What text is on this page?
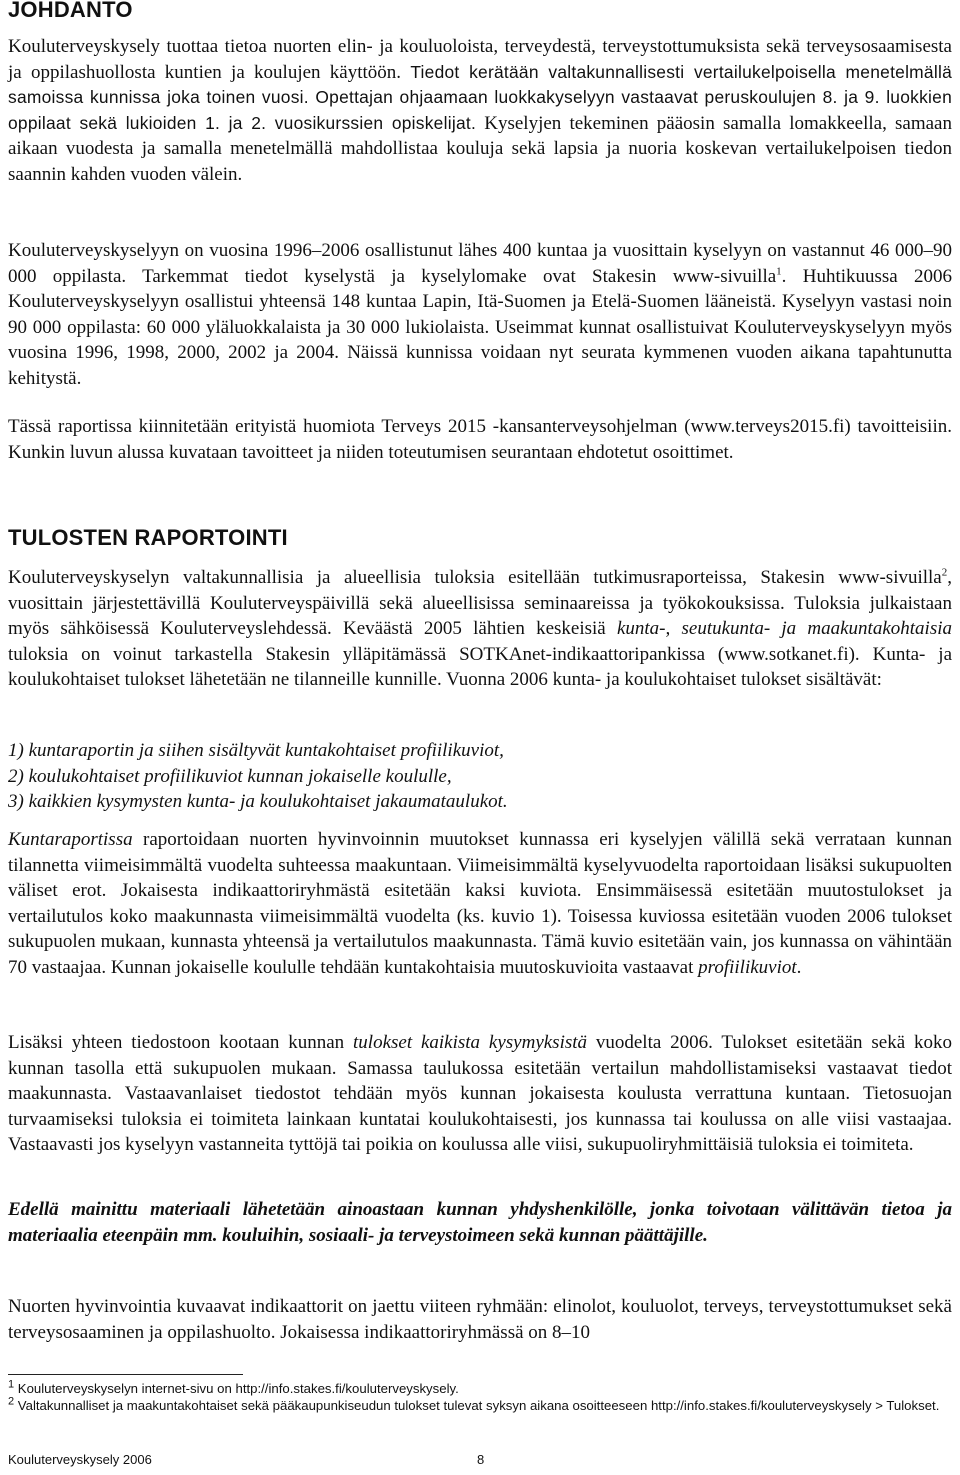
JOHDANTO

Kouluterveyskysely tuottaa tietoa nuorten elin- ja kouluoloista, terveydestä, terveystottumuksista sekä terveysosaamisesta ja oppilashuollosta kuntien ja koulujen käyttöön. Tiedot kerätään valtakunnallisesti vertailukelpoisella menetelmällä samoissa kunnissa joka toinen vuosi. Opettajan ohjaamaan luokkakyselyyn vastaavat peruskoulujen 8. ja 9. luokkien oppilaat sekä lukioiden 1. ja 2. vuosikurssien opiskelijat. Kyselyjen tekeminen pääosin samalla lomakkeella, samaan aikaan vuodesta ja samalla menetelmällä mahdollistaa kouluja sekä lapsia ja nuoria koskevan vertailukelpoisen tiedon saannin kahden vuoden välein.

Kouluterveyskyselyyn on vuosina 1996–2006 osallistunut lähes 400 kuntaa ja vuosittain kyselyyn on vastannut 46 000–90 000 oppilasta. Tarkemmat tiedot kyselystä ja kyselylomake ovat Stakesin www-sivuilla$^1$. Huhtikuussa 2006 Kouluterveyskyselyyn osallistui yhteensä 148 kuntaa Lapin, Itä-Suomen ja Etelä-Suomen lääneistä. Kyselyyn vastasi noin 90 000 oppilasta: 60 000 yläluokkalaista ja 30 000 lukiolaista. Useimmat kunnat osallistuivat Kouluterveyskyselyyn myös vuosina 1996, 1998, 2000, 2002 ja 2004. Näissä kunnissa voidaan nyt seurata kymmenen vuoden aikana tapahtunutta kehitystä.

Tässä raportissa kiinnitetään erityistä huomiota Terveys 2015 -kansanterveysohjelman (www.terveys2015.fi) tavoitteisiin. Kunkin luvun alussa kuvataan tavoitteet ja niiden toteutumisen seurantaan ehdotetut osoittimet.

TULOSTEN RAPORTOINTI

Kouluterveyskyselyn valtakunnallisia ja alueellisia tuloksia esitellään tutkimusraporteissa, Stakesin www-sivuilla$^2$, vuosittain järjestettävillä Kouluterveyspäivillä sekä alueellisissa seminaareissa ja työkokouksissa. Tuloksia julkaistaan myös sähköisessä Kouluterveyslehdessä. Keväästä 2005 lähtien keskeisiä kunta-, seutukunta- ja maakuntakohtaisia tuloksia on voinut tarkastella Stakesin ylläpitämässä SOTKAnet-indikaattoripankissa (www.sotkanet.fi). Kunta- ja koulukohtaiset tulokset lähetetään ne tilanneille kunnille. Vuonna 2006 kunta- ja koulukohtaiset tulokset sisältävät:

1) kuntaraportin ja siihen sisältyvät kuntakohtaiset profiilikuviot,

2) koulukohtaiset profiilikuviot kunnan jokaiselle koululle,

3) kaikkien kysymysten kunta- ja koulukohtaiset jakaumataulukot.

Kuntaraportissa raportoidaan nuorten hyvinvoinnin muutokset kunnassa eri kyselyjen välillä sekä verrataan kunnan tilannetta viimeisimmältä vuodelta suhteessa maakuntaan. Viimeisimmältä kyselyvuodelta raportoidaan lisäksi sukupuolten väliset erot. Jokaisesta indikaattoriryhmästä esitetään kaksi kuviota. Ensimmäisessä esitetään muutostulokset ja vertailutulos koko maakunnasta viimeisimmältä vuodelta (ks. kuvio 1). Toisessa kuviossa esitetään vuoden 2006 tulokset sukupuolen mukaan, kunnasta yhteensä ja vertailutulos maakunnasta. Tämä kuvio esitetään vain, jos kunnassa on vähintään 70 vastaajaa. Kunnan jokaiselle koululle tehdään kuntakohtaisia muutoskuvioita vastaavat profiilikuviot.

Lisäksi yhteen tiedostoon kootaan kunnan tulokset kaikista kysymyksistä vuodelta 2006. Tulokset esitetään sekä koko kunnan tasolla että sukupuolen mukaan. Samassa taulukossa esitetään vertailun mahdollistamiseksi vastaavat tiedot maakunnasta. Vastaavanlaiset tiedostot tehdään myös kunnan jokaisesta koulusta verrattuna kuntaan. Tietosuojan turvaamiseksi tuloksia ei toimiteta lainkaan kuntatai koulukohtaisesti, jos kunnassa tai koulussa on alle viisi vastaajaa. Vastaavasti jos kyselyyn vastanneita tyttöjä tai poikia on koulussa alle viisi, sukupuoliryhmittäisiä tuloksia ei toimiteta.

Edellä mainittu materiaali lähetetään ainoastaan kunnan yhdyshenkilölle, jonka toivotaan välittävän tietoa ja materiaalia eteenpäin mm. kouluihin, sosiaali- ja terveystoimeen sekä kunnan päättäjille.

Nuorten hyvinvointia kuvaavat indikaattorit on jaettu viiteen ryhmään: elinolot, kouluolot, terveys, terveystottumukset sekä terveysosaaminen ja oppilashuolto. Jokaisessa indikaattoriryhmässä on 8–10

$^1$ Kouluterveyskyselyn internet-sivu on http://info.stakes.fi/kouluterveyskysely.

$^2$ Valtakunnalliset ja maakuntakohtaiset sekä pääkaupunkiseudun tulokset tulevat syksyn aikana osoitteeseen http://info.stakes.fi/kouluterveyskysely > Tulokset.

Kouluterveyskysely 2006	8
